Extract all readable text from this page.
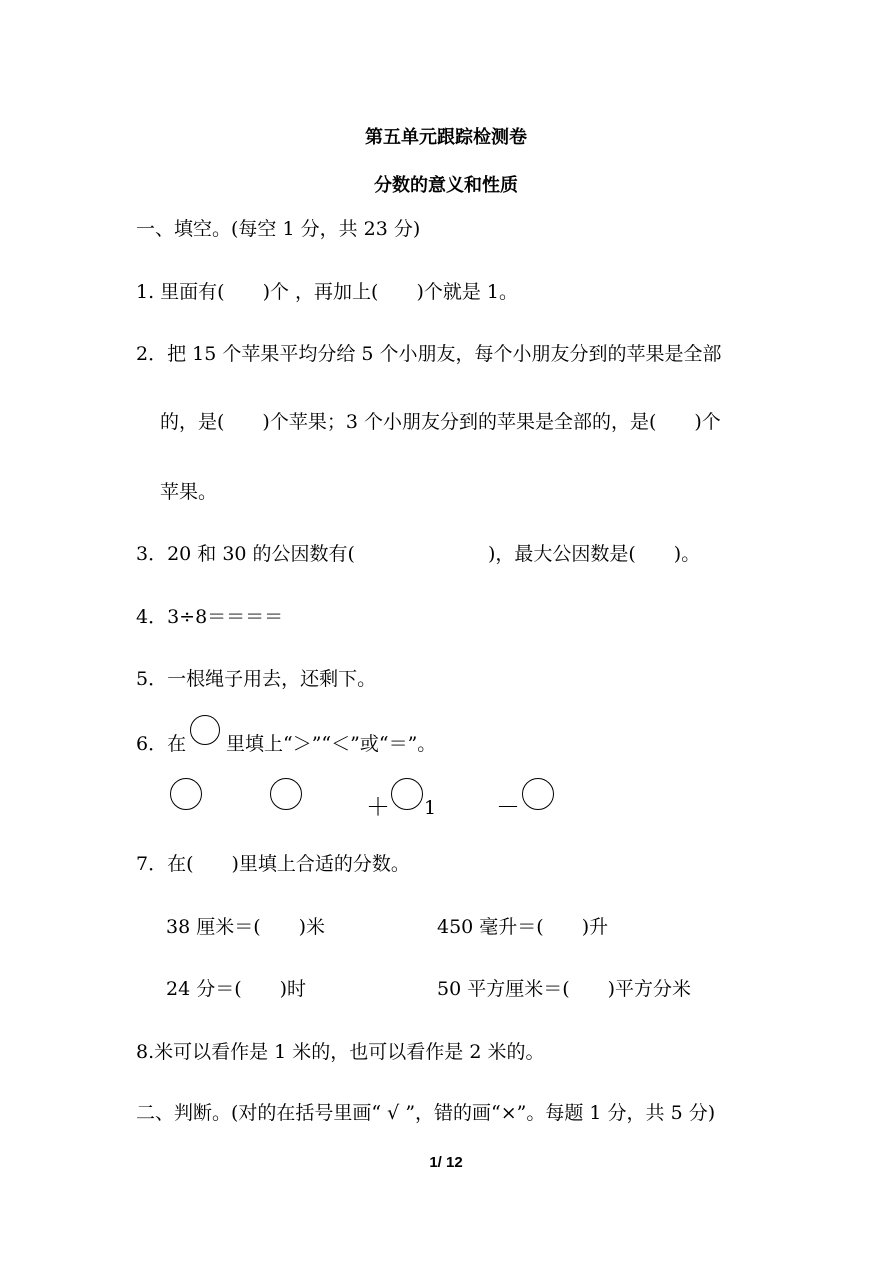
第五单元跟踪检测卷
分数的意义和性质
一、填空。(每空 1 分，共 23 分)
1. 里面有(　　)个 ，再加上(　　)个就是 1。
2．把 15 个苹果平均分给 5 个小朋友，每个小朋友分到的苹果是全部
的，是(　　)个苹果；3 个小朋友分到的苹果是全部的，是(　　)个
苹果。
3．20 和 30 的公因数有(　　　　　　　)，最大公因数是(　　)。
4．3÷8＝＝＝＝
5．一根绳子用去，还剩下。
6．在 里填上“＞”“＜”或“＝”。
＋ 1 －
7．在(　　)里填上合适的分数。
38 厘米＝(　　)米	450 毫升＝(　　)升
24 分＝(　　)时	50 平方厘米＝(　　)平方分米
8.米可以看作是 1 米的，也可以看作是 2 米的。
二、判断。(对的在括号里画“ √ ”，错的画“×”。每题 1 分，共 5 分)
1/ 12
